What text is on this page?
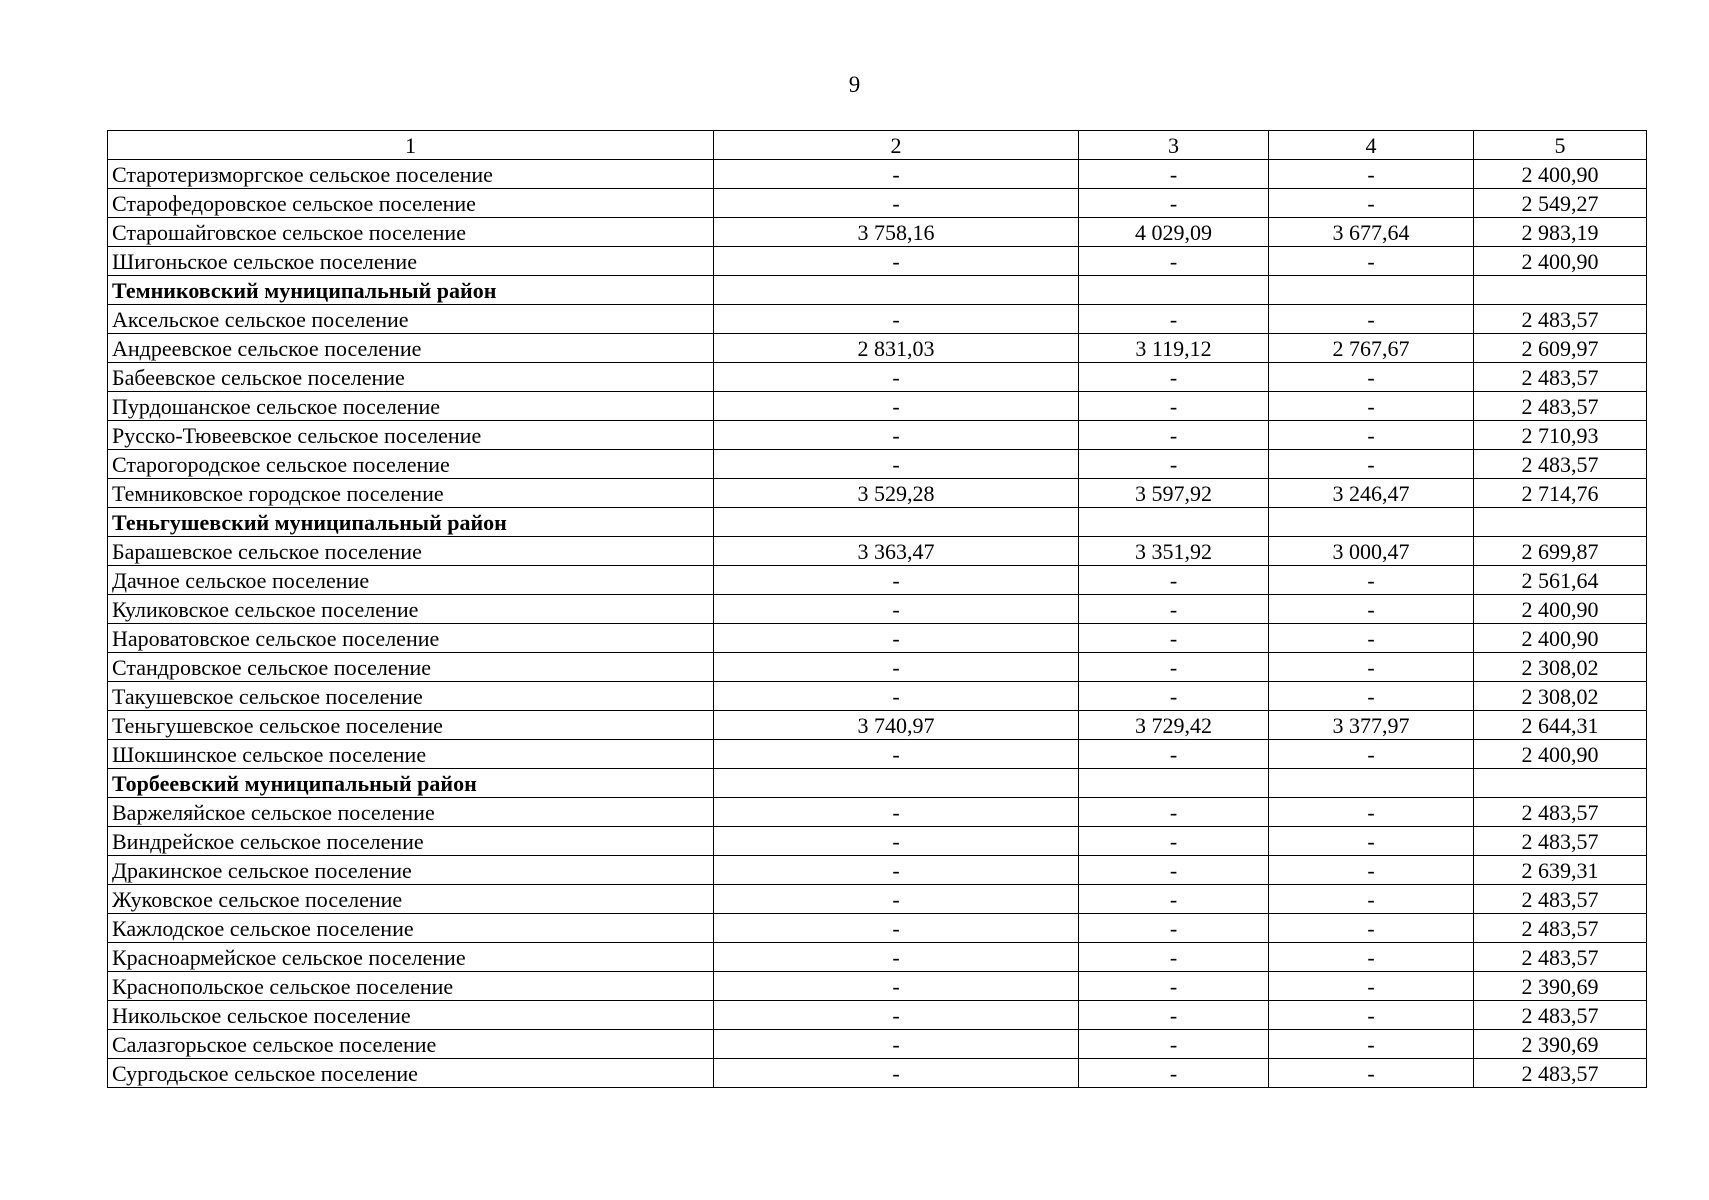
9
1	2	3	4	5
Старотеризморгское сельское поселение	-	-	-	2 400,90
Старофедоровское сельское поселение	-	-	-	2 549,27
Старошайговское сельское поселение	3 758,16	4 029,09	3 677,64	2 983,19
Шигоньское сельское поселение	-	-	-	2 400,90
Темниковский муниципальный район				
Аксельское сельское поселение	-	-	-	2 483,57
Андреевское сельское поселение	2 831,03	3 119,12	2 767,67	2 609,97
Бабеевское сельское поселение	-	-	-	2 483,57
Пурдошанское сельское поселение	-	-	-	2 483,57
Русско-Тювеевское сельское поселение	-	-	-	2 710,93
Старогородское сельское поселение	-	-	-	2 483,57
Темниковское городское поселение	3 529,28	3 597,92	3 246,47	2 714,76
Теньгушевский муниципальный район				
Барашевское сельское поселение	3 363,47	3 351,92	3 000,47	2 699,87
Дачное сельское поселение	-	-	-	2 561,64
Куликовское сельское поселение	-	-	-	2 400,90
Нароватовское сельское поселение	-	-	-	2 400,90
Стандровское сельское поселение	-	-	-	2 308,02
Такушевское сельское поселение	-	-	-	2 308,02
Теньгушевское сельское поселение	3 740,97	3 729,42	3 377,97	2 644,31
Шокшинское сельское поселение	-	-	-	2 400,90
Торбеевский муниципальный район				
Варжеляйское сельское поселение	-	-	-	2 483,57
Виндрейское сельское поселение	-	-	-	2 483,57
Дракинское сельское поселение	-	-	-	2 639,31
Жуковское сельское поселение	-	-	-	2 483,57
Кажлодское сельское поселение	-	-	-	2 483,57
Красноармейское сельское поселение	-	-	-	2 483,57
Краснопольское сельское поселение	-	-	-	2 390,69
Никольское сельское поселение	-	-	-	2 483,57
Салазгорьское сельское поселение	-	-	-	2 390,69
Сургодьское сельское поселение	-	-	-	2 483,57
